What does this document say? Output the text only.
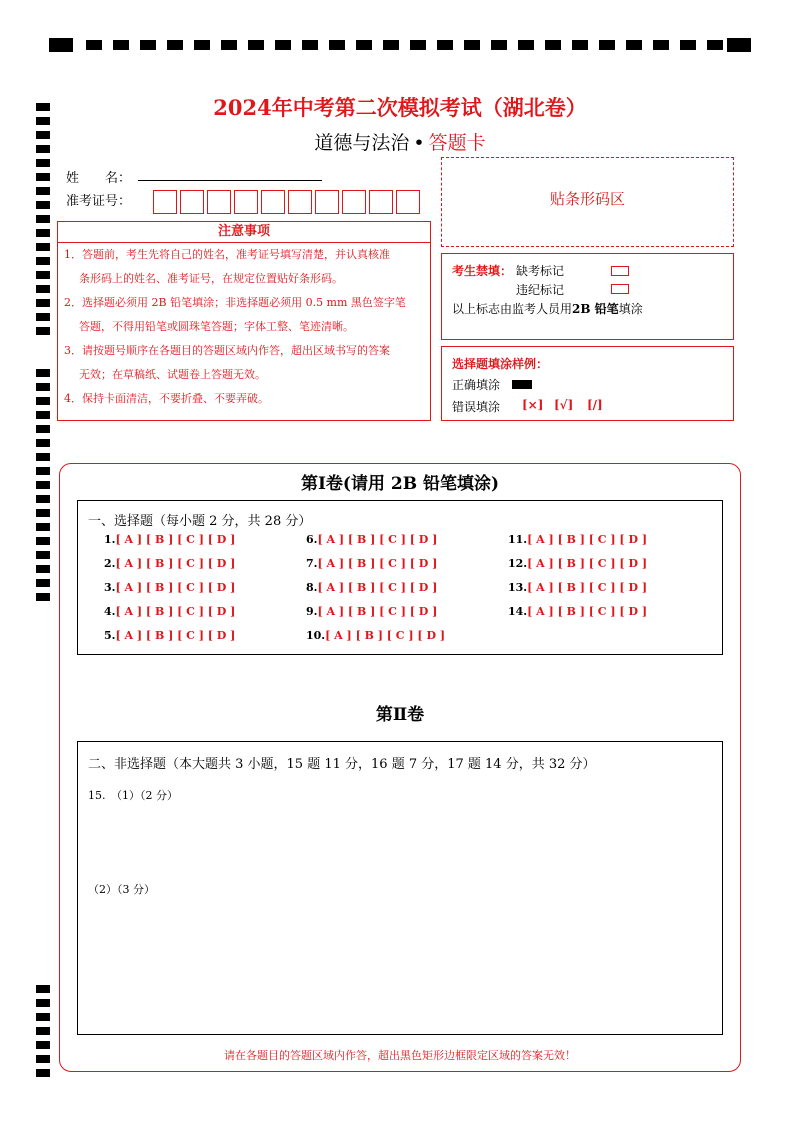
2024年中考第二次模拟考试（湖北卷）
道德与法治 • 答题卡
姓　　名：
准考证号：	贴条形码区
注意事项
1．答题前，考生先将自己的姓名，准考证号填写清楚，并认真核准
条形码上的姓名、准考证号，在规定位置贴好条形码。
2．选择题必须用 2B 铅笔填涂；非选择题必须用 0.5 mm 黑色签字笔
答题，不得用铅笔或圆珠笔答题；字体工整、笔迹清晰。
3．请按题号顺序在各题目的答题区域内作答，超出区域书写的答案
无效；在草稿纸、试题卷上答题无效。
4．保持卡面清洁，不要折叠、不要弄破。
考生禁填： 缺考标记
违纪标记
以上标志由监考人员用2B 铅笔填涂
选择题填涂样例：
正确填涂
错误填涂 [×] [√] [/]
第Ⅰ卷(请用 2B 铅笔填涂)
一、选择题（每小题 2 分，共 28 分）
1.[ A ] [ B ] [ C ] [ D ]
2.[ A ] [ B ] [ C ] [ D ]
3.[ A ] [ B ] [ C ] [ D ]
4.[ A ] [ B ] [ C ] [ D ]
5.[ A ] [ B ] [ C ] [ D ]
6.[ A ] [ B ] [ C ] [ D ]
7.[ A ] [ B ] [ C ] [ D ]
8.[ A ] [ B ] [ C ] [ D ]
9.[ A ] [ B ] [ C ] [ D ]
10.[ A ] [ B ] [ C ] [ D ]
11.[ A ] [ B ] [ C ] [ D ]
12.[ A ] [ B ] [ C ] [ D ]
13.[ A ] [ B ] [ C ] [ D ]
14.[ A ] [ B ] [ C ] [ D ]
第Ⅱ卷
二、非选择题（本大题共 3 小题，15 题 11 分，16 题 7 分，17 题 14 分，共 32 分）
15.　（1）（2 分）
（2）（3 分）
请在各题目的答题区域内作答，超出黑色矩形边框限定区域的答案无效！
